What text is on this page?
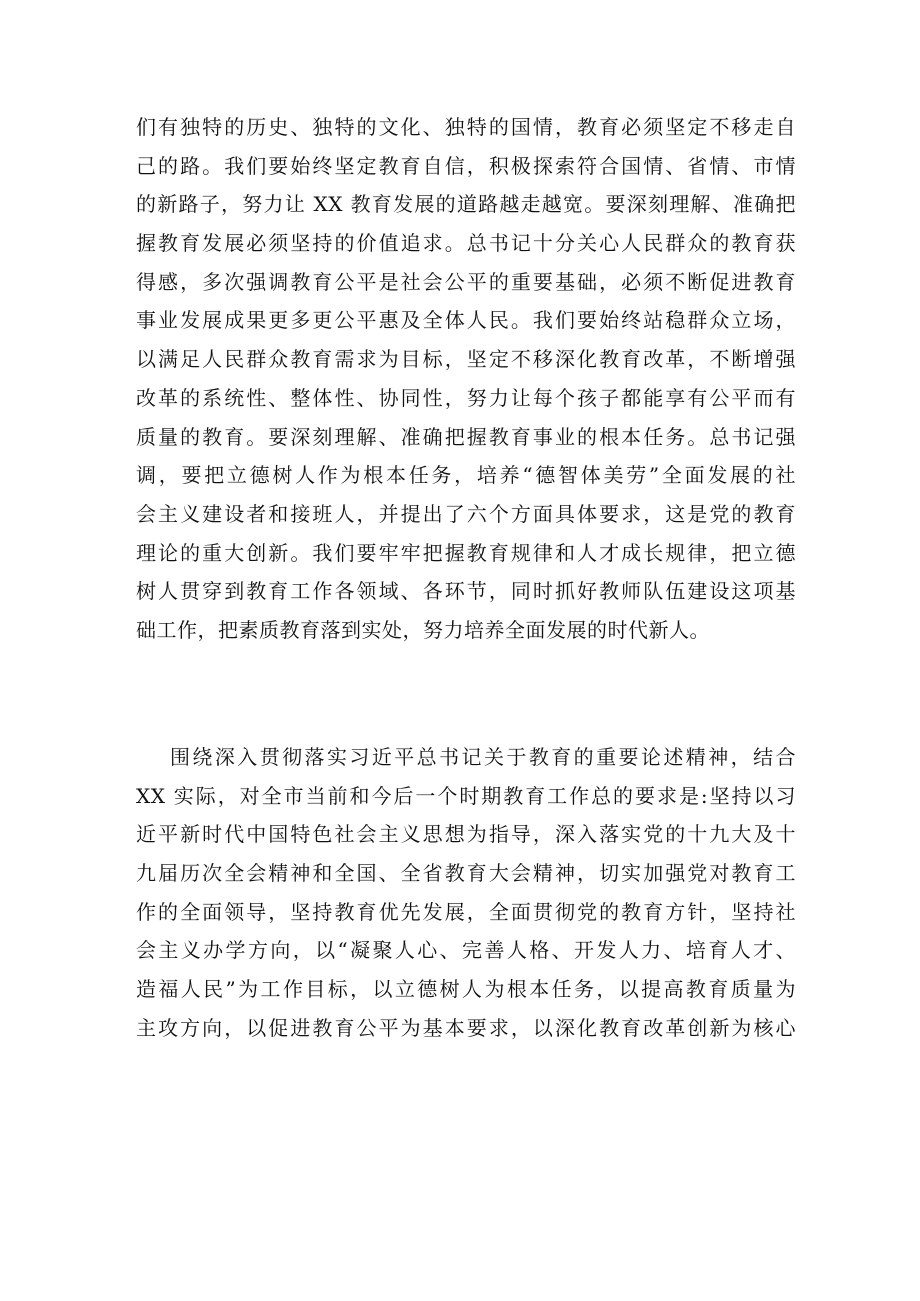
们有独特的历史、独特的文化、独特的国情，教育必须坚定不移走自
己的路。我们要始终坚定教育自信，积极探索符合国情、省情、市情
的新路子，努力让 XX 教育发展的道路越走越宽。要深刻理解、准确把
握教育发展必须坚持的价值追求。总书记十分关心人民群众的教育获
得感，多次强调教育公平是社会公平的重要基础，必须不断促进教育
事业发展成果更多更公平惠及全体人民。我们要始终站稳群众立场，
以满足人民群众教育需求为目标，坚定不移深化教育改革，不断增强
改革的系统性、整体性、协同性，努力让每个孩子都能享有公平而有
质量的教育。要深刻理解、准确把握教育事业的根本任务。总书记强
调，要把立德树人作为根本任务，培养“德智体美劳”全面发展的社
会主义建设者和接班人，并提出了六个方面具体要求，这是党的教育
理论的重大创新。我们要牢牢把握教育规律和人才成长规律，把立德
树人贯穿到教育工作各领域、各环节，同时抓好教师队伍建设这项基
础工作，把素质教育落到实处，努力培养全面发展的时代新人。
围绕深入贯彻落实习近平总书记关于教育的重要论述精神，结合
XX 实际，对全市当前和今后一个时期教育工作总的要求是:坚持以习
近平新时代中国特色社会主义思想为指导，深入落实党的十九大及十
九届历次全会精神和全国、全省教育大会精神，切实加强党对教育工
作的全面领导，坚持教育优先发展，全面贯彻党的教育方针，坚持社
会主义办学方向，以“凝聚人心、完善人格、开发人力、培育人才、
造福人民”为工作目标，以立德树人为根本任务，以提高教育质量为
主攻方向，以促进教育公平为基本要求，以深化教育改革创新为核心
